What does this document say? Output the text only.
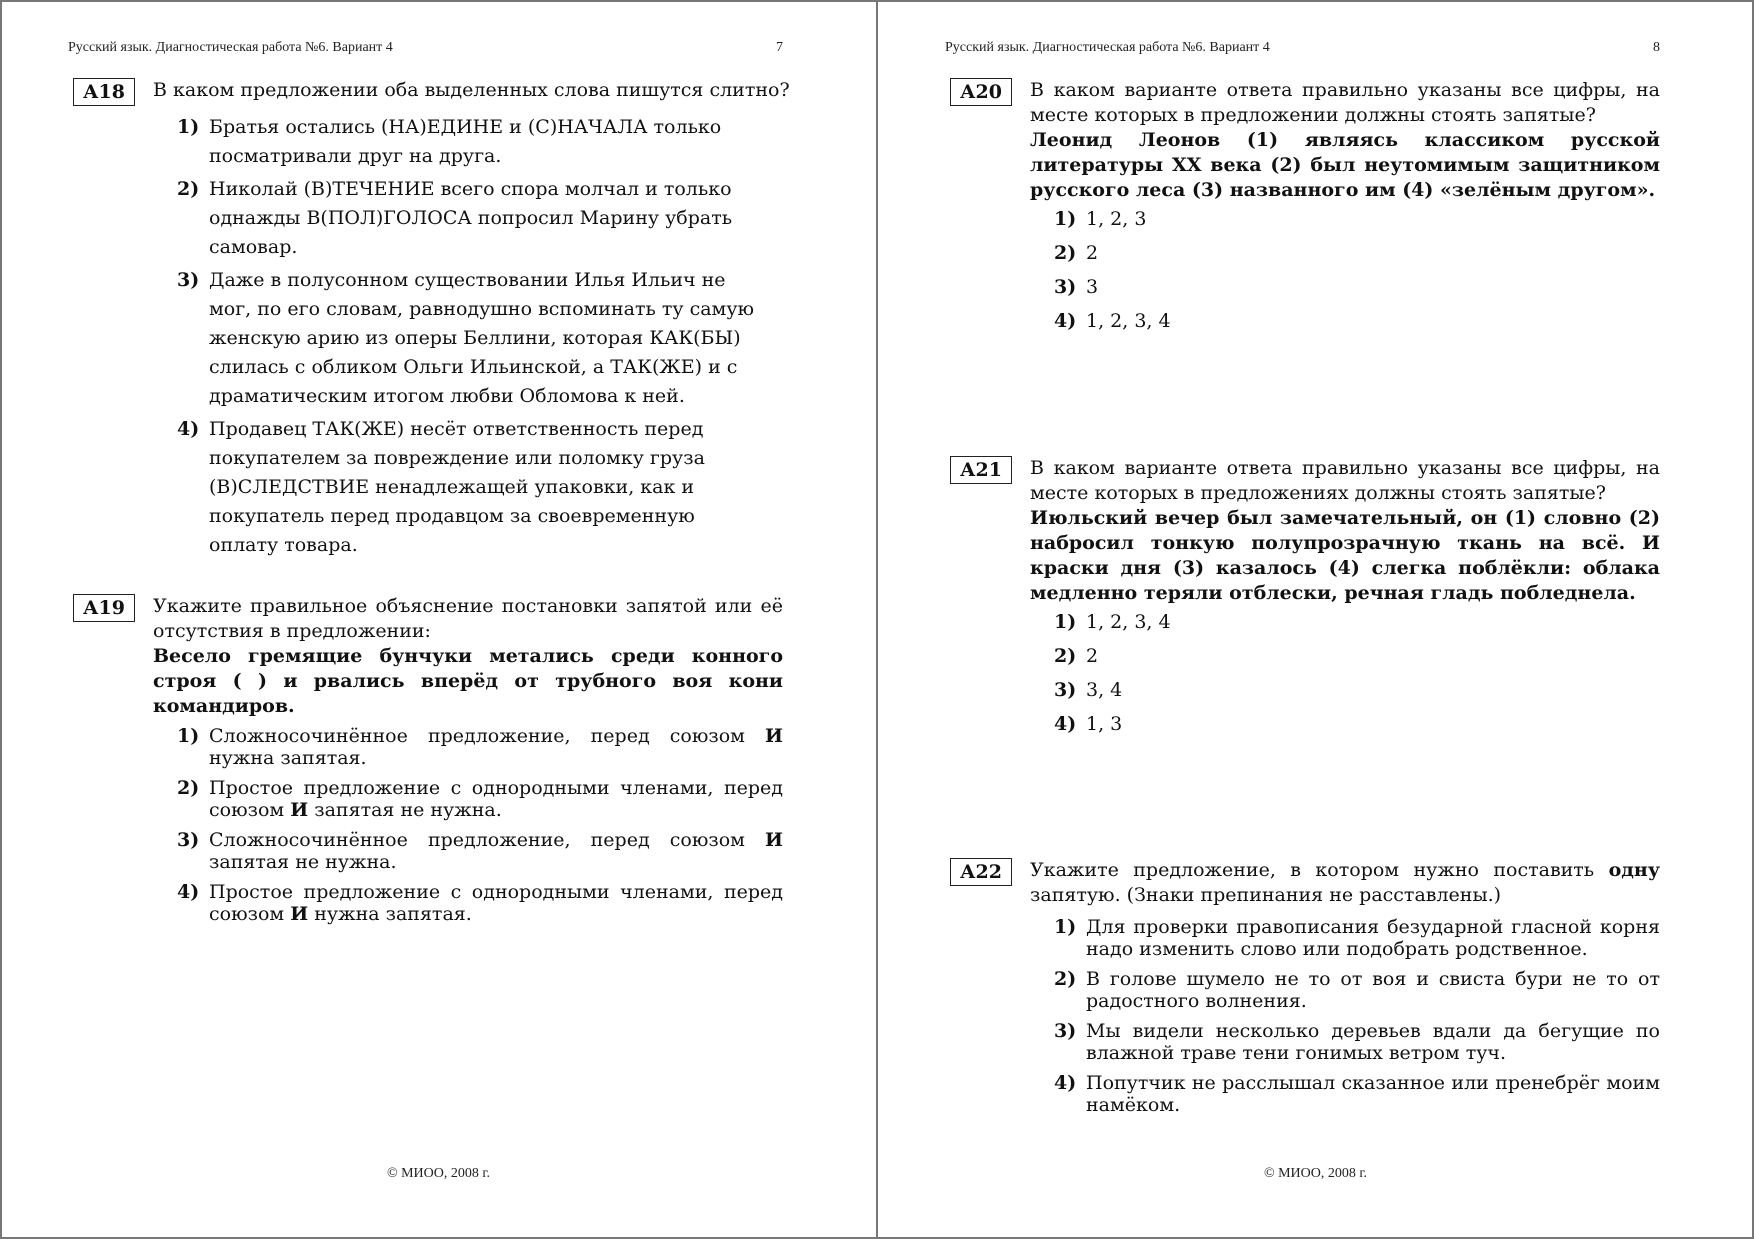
Русский язык. Диагностическая работа №6. Вариант 4	7
А18	В каком предложении оба выделенных слова пишутся слитно?

1) Братья остались (НА)ЕДИНЕ и (С)НАЧАЛА только посматривали друг на друга.

2) Николай (В)ТЕЧЕНИЕ всего спора молчал и только однажды В(ПОЛ)ГОЛОСА попросил Марину убрать самовар.

3) Даже в полусонном существовании Илья Ильич не мог, по его словам, равнодушно вспоминать ту самую женскую арию из оперы Беллини, которая КАК(БЫ) слилась с обликом Ольги Ильинской, а ТАК(ЖЕ) и с драматическим итогом любви Обломова к ней.

4) Продавец ТАК(ЖЕ) несёт ответственность перед покупателем за повреждение или поломку груза (В)СЛЕДСТВИЕ ненадлежащей упаковки, как и покупатель перед продавцом за своевременную оплату товара.

А19	Укажите правильное объяснение постановки запятой или её отсутствия в предложении:

Весело гремящие бунчуки метались среди конного строя ( ) и рвались вперёд от трубного воя кони командиров.

1) Сложносочинённое предложение, перед союзом И нужна запятая.

2) Простое предложение с однородными членами, перед союзом И запятая не нужна.

3) Сложносочинённое предложение, перед союзом И запятая не нужна.

4) Простое предложение с однородными членами, перед союзом И нужна запятая.

© МИОО, 2008 г.
Русский язык. Диагностическая работа №6. Вариант 4	8
А20	В каком варианте ответа правильно указаны все цифры, на месте которых в предложении должны стоять запятые?

Леонид Леонов (1) являясь классиком русской литературы XX века (2) был неутомимым защитником русского леса (3) названного им (4) «зелёным другом».

1) 1, 2, 3

2) 2

3) 3

4) 1, 2, 3, 4

А21	В каком варианте ответа правильно указаны все цифры, на месте которых в предложениях должны стоять запятые?

Июльский вечер был замечательный, он (1) словно (2) набросил тонкую полупрозрачную ткань на всё. И краски дня (3) казалось (4) слегка поблёкли: облака медленно теряли отблески, речная гладь побледнела.

1) 1, 2, 3, 4

2) 2

3) 3, 4

4) 1, 3

А22	Укажите предложение, в котором нужно поставить одну запятую. (Знаки препинания не расставлены.)

1) Для проверки правописания безударной гласной корня надо изменить слово или подобрать родственное.

2) В голове шумело не то от воя и свиста бури не то от радостного волнения.

3) Мы видели несколько деревьев вдали да бегущие по влажной траве тени гонимых ветром туч.

4) Попутчик не расслышал сказанное или пренебрёг моим намёком.

© МИОО, 2008 г.
